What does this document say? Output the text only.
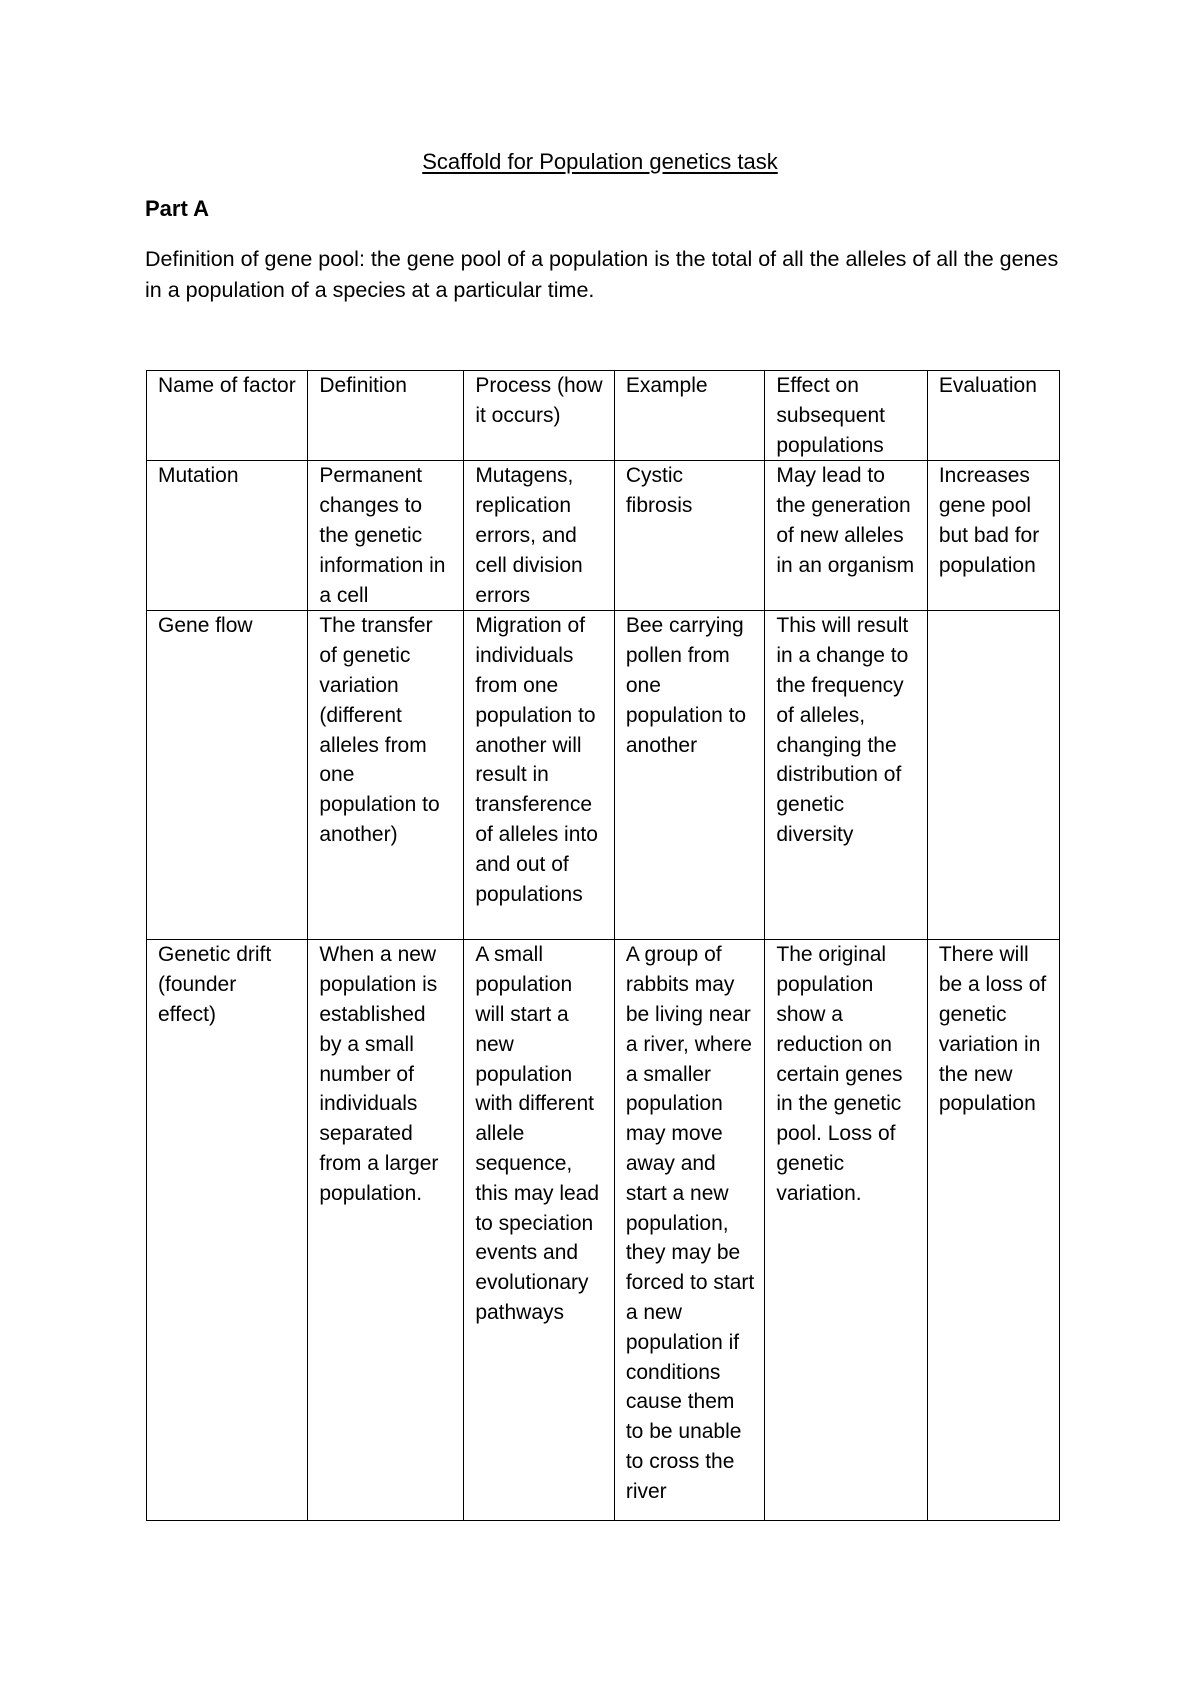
Scaffold for Population genetics task
Part A
Definition of gene pool: the gene pool of a population is the total of all the alleles of all the genes in a population of a species at a particular time.
Name of factor	Definition	Process (how it occurs)	Example	Effect on subsequent populations	Evaluation
Mutation	Permanent changes to the genetic information in a cell	Mutagens, replication errors, and cell division errors	Cystic fibrosis	May lead to the generation of new alleles in an organism	Increases gene pool but bad for population
Gene flow	The transfer of genetic variation (different alleles from one population to another)	Migration of individuals from one population to another will result in transference of alleles into and out of populations	Bee carrying pollen from one population to another	This will result in a change to the frequency of alleles, changing the distribution of genetic diversity	
Genetic drift (founder effect)	When a new population is established by a small number of individuals separated from a larger population.	A small population will start a new population with different allele sequence, this may lead to speciation events and evolutionary pathways	A group of rabbits may be living near a river, where a smaller population may move away and start a new population, they may be forced to start a new population if conditions cause them to be unable to cross the river	The original population show a reduction on certain genes in the genetic pool. Loss of genetic variation.	There will be a loss of genetic variation in the new population
